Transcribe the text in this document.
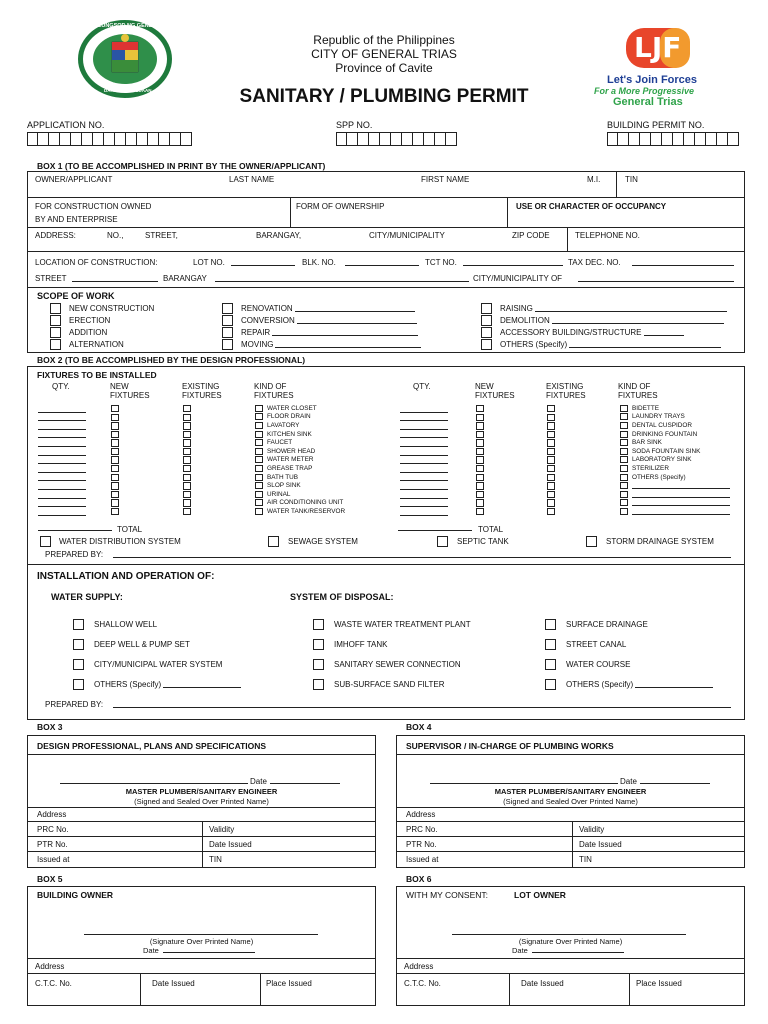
LUNGSOD NG GENERAL TRIAS
DAKILANG LAGDAAN
Republic of the Philippines
CITY OF GENERAL TRIAS
Province of Cavite
SANITARY / PLUMBING PERMIT
LJF
Let's Join Forces
For a More Progressive
General Trias
APPLICATION NO.	SPP NO.	BUILDING PERMIT NO.
BOX 1 (TO BE ACCOMPLISHED IN PRINT BY THE OWNER/APPLICANT)
OWNER/APPLICANT	LAST NAME	FIRST NAME	M.I.	TIN
FOR CONSTRUCTION OWNED
BY AND ENTERPRISE
FORM OF OWNERSHIP	USE OR CHARACTER OF OCCUPANCY
ADDRESS:	NO.,	STREET,	BARANGAY,	CITY/MUNICIPALITY	ZIP CODE	TELEPHONE NO.
LOCATION OF CONSTRUCTION:	LOT NO.	BLK. NO.	TCT NO.	TAX DEC. NO.
STREET	BARANGAY	CITY/MUNICIPALITY OF
SCOPE OF WORK
NEW CONSTRUCTION
ERECTION
ADDITION
ALTERNATION
RENOVATION
CONVERSION
REPAIR
MOVING
RAISING
DEMOLITION
ACCESSORY BUILDING/STRUCTURE
OTHERS (Specify)
BOX 2 (TO BE ACCOMPLISHED BY THE DESIGN PROFESSIONAL)
FIXTURES TO BE INSTALLED
QTY.	NEW
FIXTURES
EXISTING
FIXTURES
KIND OF
FIXTURES
QTY.	NEW
FIXTURES
EXISTING
FIXTURES
KIND OF
FIXTURES
WATER CLOSET
FLOOR DRAIN
LAVATORY
KITCHEN SINK
FAUCET
SHOWER HEAD
WATER METER
GREASE TRAP
BATH TUB
SLOP SINK
URINAL
AIR CONDITIONING UNIT
WATER TANK/RESERVOR
BIDETTE
LAUNDRY TRAYS
DENTAL CUSPIDOR
DRINKING FOUNTAIN
BAR SINK
SODA FOUNTAIN SINK
LABORATORY SINK
STERILIZER
OTHERS (Specify)
TOTAL	TOTAL
WATER DISTRIBUTION SYSTEM	SEWAGE SYSTEM	SEPTIC TANK	STORM DRAINAGE SYSTEM
PREPARED BY:
INSTALLATION AND OPERATION OF:
WATER SUPPLY:	SYSTEM OF DISPOSAL:
SHALLOW WELL
DEEP WELL & PUMP SET
CITY/MUNICIPAL WATER SYSTEM
OTHERS (Specify)
WASTE WATER TREATMENT PLANT
IMHOFF TANK
SANITARY SEWER CONNECTION
SUB-SURFACE SAND FILTER
SURFACE DRAINAGE
STREET CANAL
WATER COURSE
OTHERS (Specify)
PREPARED BY:
BOX 3
DESIGN PROFESSIONAL, PLANS AND SPECIFICATIONS
Date
MASTER PLUMBER/SANITARY ENGINEER
(Signed and Sealed Over Printed Name)
Address
PRC No.	Validity
PTR No.	Date Issued
Issued at	TIN
BOX 4
SUPERVISOR / IN-CHARGE OF PLUMBING WORKS
Date
MASTER PLUMBER/SANITARY ENGINEER
(Signed and Sealed Over Printed Name)
Address
PRC No.	Validity
PTR No.	Date Issued
Issued at	TIN
BOX 5
BUILDING OWNER
(Signature Over Printed Name)
Date
Address
C.T.C. No.	Date Issued	Place Issued
BOX 6
WITH MY CONSENT:	LOT OWNER
(Signature Over Printed Name)
Date
Address
C.T.C. No.	Date Issued	Place Issued
